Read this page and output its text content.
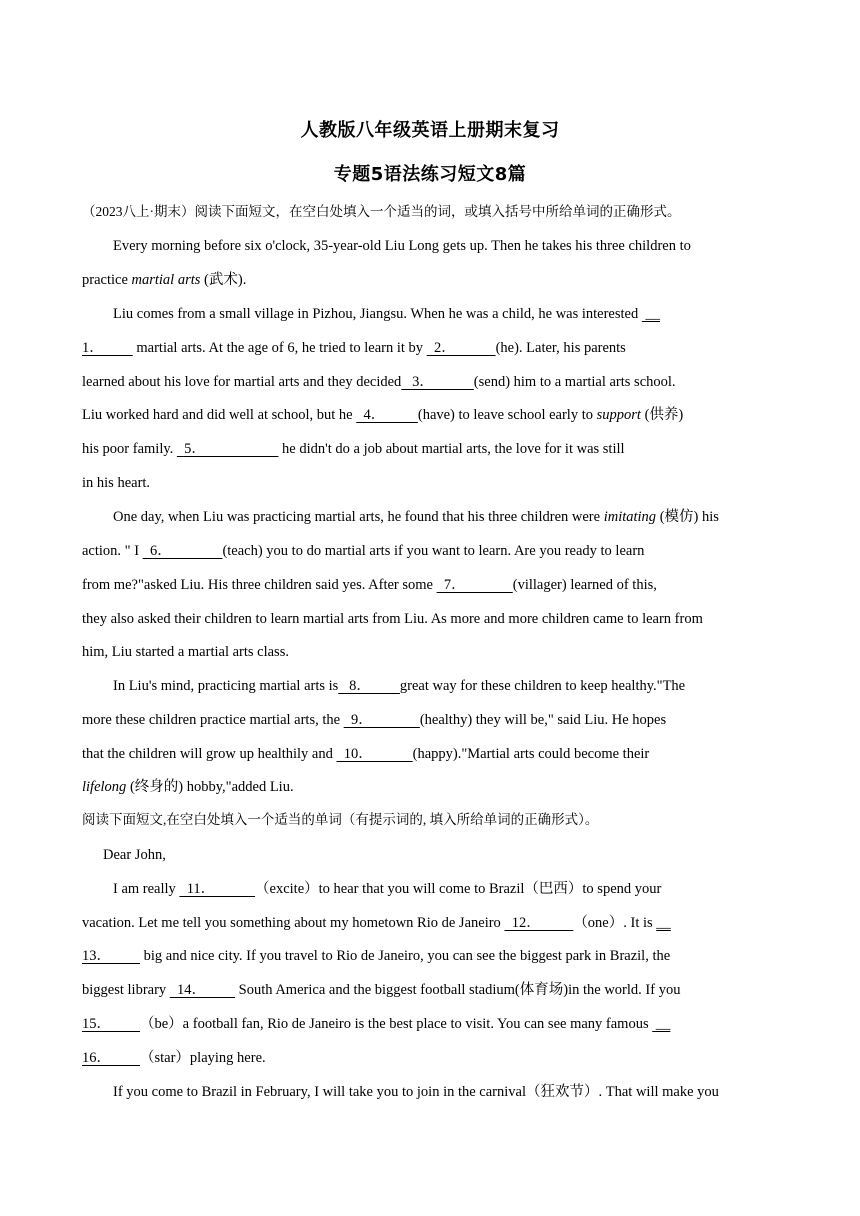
人教版八年级英语上册期末复习
专题5语法练习短文8篇
（2023八上·期末）阅读下面短文，在空白处填入一个适当的词，或填入括号中所给单词的正确形式。
Every morning before six o'clock, 35-year-old Liu Long gets up. Then he takes his three children to
practice martial arts (武术).
Liu comes from a small village in Pizhou, Jiangsu. When he was a child, he was interested  __
1．         martial arts. At the age of 6, he tried to learn it by   2．           (he). Later, his parents
learned about his love for martial arts and they decided   3．           (send) him to a martial arts school.
Liu worked hard and did well at school, but he   4．         (have) to leave school early to support (供养)
his poor family.   5．                     he didn't do a job about martial arts, the love for it was still
in his heart.
One day, when Liu was practicing martial arts, he found that his three children were imitating (模仿) his
action. " I   6．              (teach) you to do martial arts if you want to learn. Are you ready to learn
from me?"asked Liu. His three children said yes. After some   7．             (villager) learned of this,
they also asked their children to learn martial arts from Liu. As more and more children came to learn from
him, Liu started a martial arts class.
In Liu's mind, practicing martial arts is   8．        great way for these children to keep healthy."The
more these children practice martial arts, the   9．             (healthy) they will be," said Liu. He hopes
that the children will grow up healthily and   10．           (happy)."Martial arts could become their
lifelong (终身的) hobby,"added Liu.
阅读下面短文,在空白处填入一个适当的单词（有提示词的, 填入所给单词的正确形式）。
Dear John,
I am really   11．           （excite）to hear that you will come to Brazil（巴西）to spend your
vacation. Let me tell you something about my hometown Rio de Janeiro   12．         （one）. It is __
13．         big and nice city. If you travel to Rio de Janeiro, you can see the biggest park in Brazil, the
biggest library   14．         South America and the biggest football stadium(体育场)in the world. If you
15．        （be）a football fan, Rio de Janeiro is the best place to visit. You can see many famous  __
16．        （star）playing here.
If you come to Brazil in February, I will take you to join in the carnival（狂欢节）. That will make you
